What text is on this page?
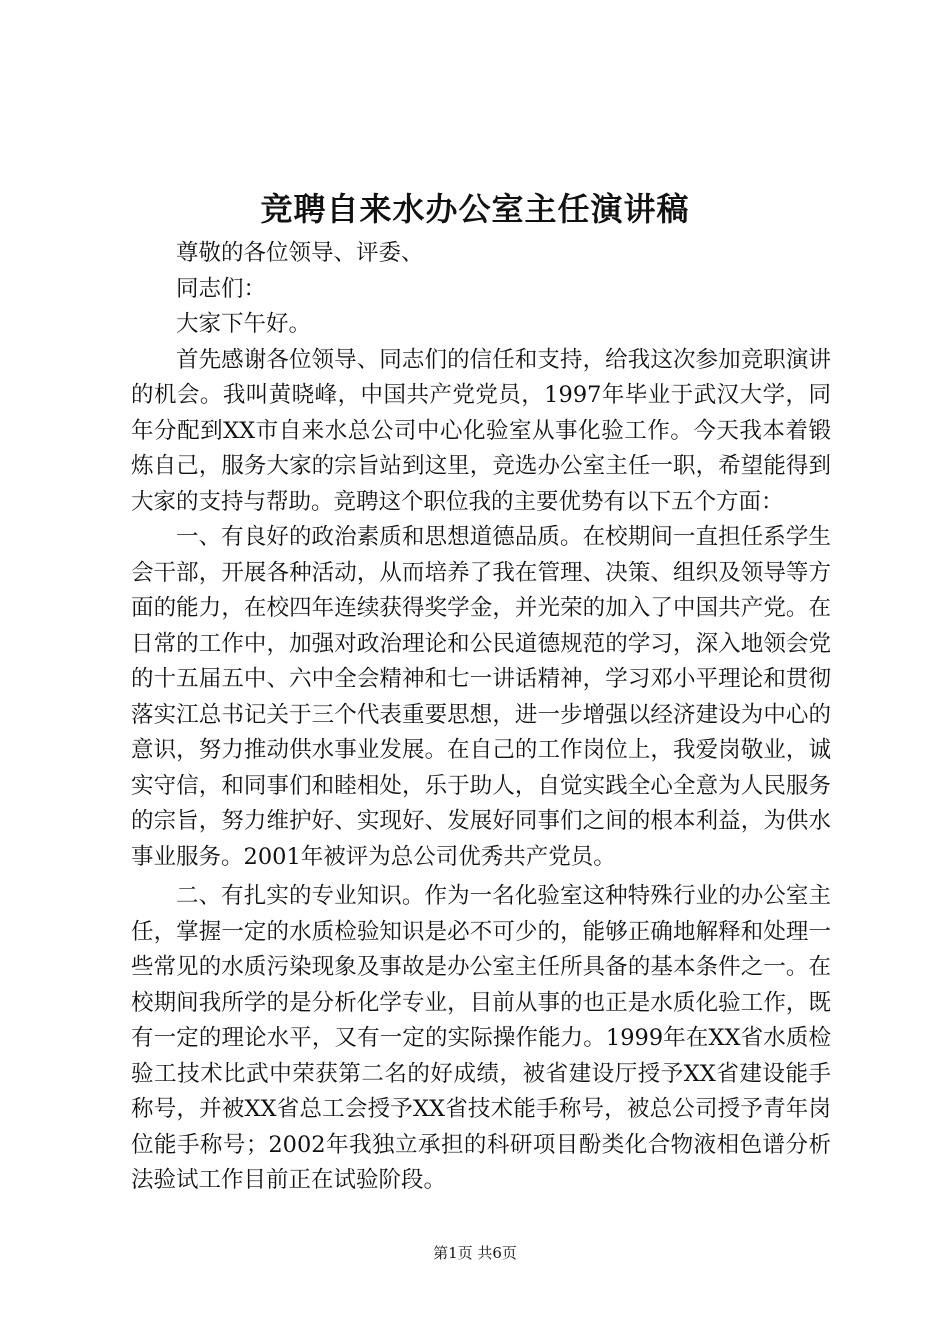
竞聘自来水办公室主任演讲稿

尊敬的各位领导、评委、

同志们：

大家下午好。

首先感谢各位领导、同志们的信任和支持，给我这次参加竞职演讲的机会。我叫黄晓峰，中国共产党党员，1997年毕业于武汉大学，同年分配到XX市自来水总公司中心化验室从事化验工作。今天我本着锻炼自己，服务大家的宗旨站到这里，竞选办公室主任一职，希望能得到大家的支持与帮助。竞聘这个职位我的主要优势有以下五个方面：

一、有良好的政治素质和思想道德品质。在校期间一直担任系学生会干部，开展各种活动，从而培养了我在管理、决策、组织及领导等方面的能力，在校四年连续获得奖学金，并光荣的加入了中国共产党。在日常的工作中，加强对政治理论和公民道德规范的学习，深入地领会党的十五届五中、六中全会精神和七一讲话精神，学习邓小平理论和贯彻落实江总书记关于三个代表重要思想，进一步增强以经济建设为中心的意识，努力推动供水事业发展。在自己的工作岗位上，我爱岗敬业，诚实守信，和同事们和睦相处，乐于助人，自觉实践全心全意为人民服务的宗旨，努力维护好、实现好、发展好同事们之间的根本利益，为供水事业服务。2001年被评为总公司优秀共产党员。

二、有扎实的专业知识。作为一名化验室这种特殊行业的办公室主任，掌握一定的水质检验知识是必不可少的，能够正确地解释和处理一些常见的水质污染现象及事故是办公室主任所具备的基本条件之一。在校期间我所学的是分析化学专业，目前从事的也正是水质化验工作，既有一定的理论水平，又有一定的实际操作能力。1999年在XX省水质检验工技术比武中荣获第二名的好成绩，被省建设厅授予XX省建设能手称号，并被XX省总工会授予XX省技术能手称号，被总公司授予青年岗位能手称号；2002年我独立承担的科研项目酚类化合物液相色谱分析法验试工作目前正在试验阶段。

第1页 共6页
